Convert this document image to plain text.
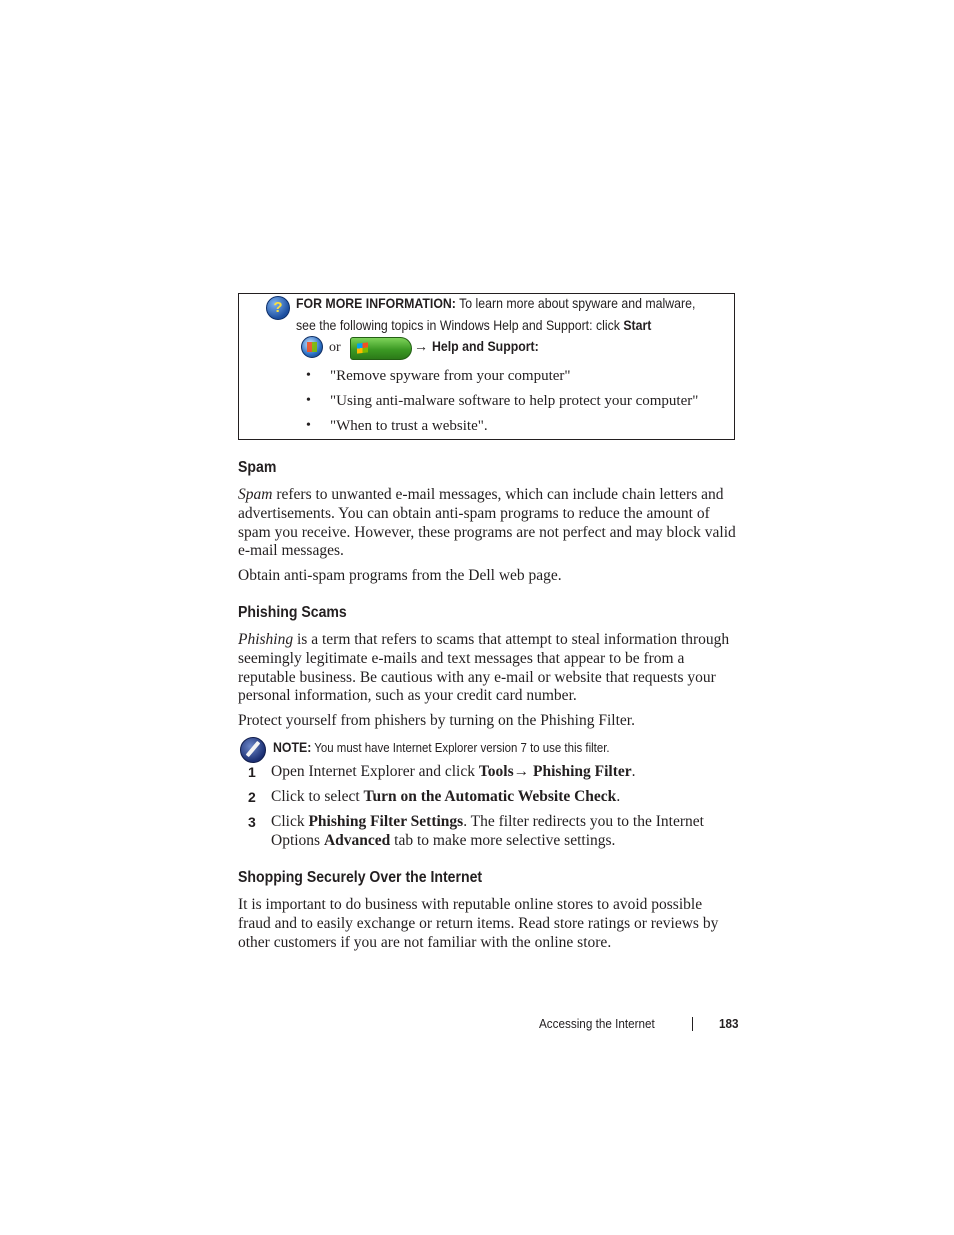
? FOR MORE INFORMATION: To learn more about spyware and malware,
see the following topics in Windows Help and Support: click Start
or	→ Help and Support:
• "Remove spyware from your computer"
• "Using anti-malware software to help protect your computer"
• "When to trust a website".
Spam
Spam refers to unwanted e-mail messages, which can include chain letters and advertisements. You can obtain anti-spam programs to reduce the amount of spam you receive. However, these programs are not perfect and may block valid e-mail messages.
Obtain anti-spam programs from the Dell web page.
Phishing Scams
Phishing is a term that refers to scams that attempt to steal information through seemingly legitimate e-mails and text messages that appear to be from a reputable business. Be cautious with any e-mail or website that requests your personal information, such as your credit card number.
Protect yourself from phishers by turning on the Phishing Filter.
NOTE: You must have Internet Explorer version 7 to use this filter.
1 Open Internet Explorer and click Tools→ Phishing Filter.
2 Click to select Turn on the Automatic Website Check.
3 Click Phishing Filter Settings. The filter redirects you to the Internet Options Advanced tab to make more selective settings.
Shopping Securely Over the Internet
It is important to do business with reputable online stores to avoid possible fraud and to easily exchange or return items. Read store ratings or reviews by other customers if you are not familiar with the online store.
Accessing the Internet	183
